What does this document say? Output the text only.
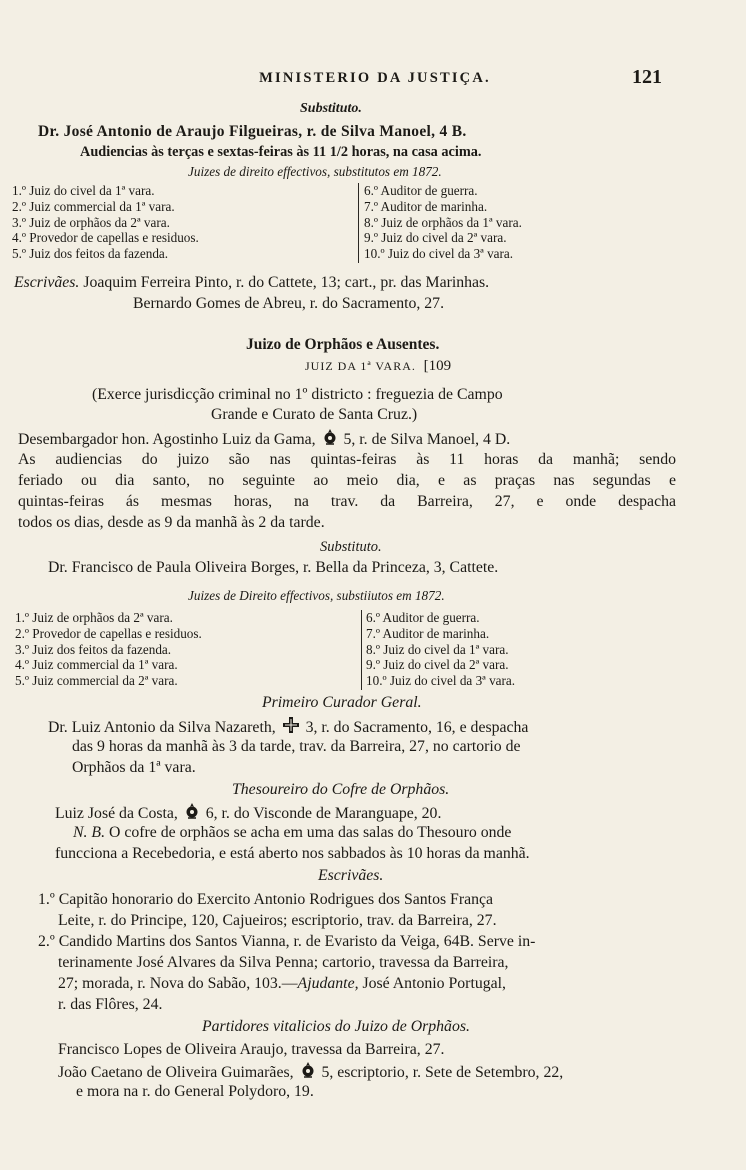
MINISTERIO DA JUSTIÇA.	121
Substituto.
Dr. José Antonio de Araujo Filgueiras, r. de Silva Manoel, 4 B.
Audiencias às terças e sextas-feiras às 11 1/2 horas, na casa acima.
Juizes de direito effectivos, substitutos em 1872.
1.º Juiz do civel da 1ª vara.
2.º Juiz commercial da 1ª vara.
3.º Juiz de orphãos da 2ª vara.
4.º Provedor de capellas e residuos.
5.º Juiz dos feitos da fazenda.
6.º Auditor de guerra.
7.º Auditor de marinha.
8.º Juiz de orphãos da 1ª vara.
9.º Juiz do civel da 2ª vara.
10.º Juiz do civel da 3ª vara.
Escrivães. Joaquim Ferreira Pinto, r. do Cattete, 13; cart., pr. das Marinhas.
Bernardo Gomes de Abreu, r. do Sacramento, 27.
Juizo de Orphãos e Ausentes.
JUIZ DA 1ª VARA. [109
(Exerce jurisdicção criminal no 1º districto : freguezia de Campo
Grande e Curato de Santa Cruz.)
Desembargador hon. Agostinho Luiz da Gama, 5, r. de Silva Manoel, 4 D.
As audiencias do juizo são nas quintas-feiras às 11 horas da manhã; sendo
feriado ou dia santo, no seguinte ao meio dia, e as praças nas segundas e
quintas-feiras ás mesmas horas, na trav. da Barreira, 27, e onde despacha
todos os dias, desde as 9 da manhã às 2 da tarde.
Substituto.
Dr. Francisco de Paula Oliveira Borges, r. Bella da Princeza, 3, Cattete.
Juizes de Direito effectivos, substiiutos em 1872.
1.º Juiz de orphãos da 2ª vara.
2.º Provedor de capellas e residuos.
3.º Juiz dos feitos da fazenda.
4.º Juiz commercial da 1ª vara.
5.º Juiz commercial da 2ª vara.
6.º Auditor de guerra.
7.º Auditor de marinha.
8.º Juiz do civel da 1ª vara.
9.º Juiz do civel da 2ª vara.
10.º Juiz do civel da 3ª vara.
Primeiro Curador Geral.
Dr. Luiz Antonio da Silva Nazareth, 3, r. do Sacramento, 16, e despacha
das 9 horas da manhã às 3 da tarde, trav. da Barreira, 27, no cartorio de
Orphãos da 1ª vara.
Thesoureiro do Cofre de Orphãos.
Luiz José da Costa, 6, r. do Visconde de Maranguape, 20.
N. B. O cofre de orphãos se acha em uma das salas do Thesouro onde
funcciona a Recebedoria, e está aberto nos sabbados às 10 horas da manhã.
Escrivães.
1.º Capitão honorario do Exercito Antonio Rodrigues dos Santos França
Leite, r. do Principe, 120, Cajueiros; escriptorio, trav. da Barreira, 27.
2.º Candido Martins dos Santos Vianna, r. de Evaristo da Veiga, 64B. Serve in-
terinamente José Alvares da Silva Penna; cartorio, travessa da Barreira,
27; morada, r. Nova do Sabão, 103.—Ajudante, José Antonio Portugal,
r. das Flôres, 24.
Partidores vitalicios do Juizo de Orphãos.
Francisco Lopes de Oliveira Araujo, travessa da Barreira, 27.
João Caetano de Oliveira Guimarães, 5, escriptorio, r. Sete de Setembro, 22,
e mora na r. do General Polydoro, 19.
